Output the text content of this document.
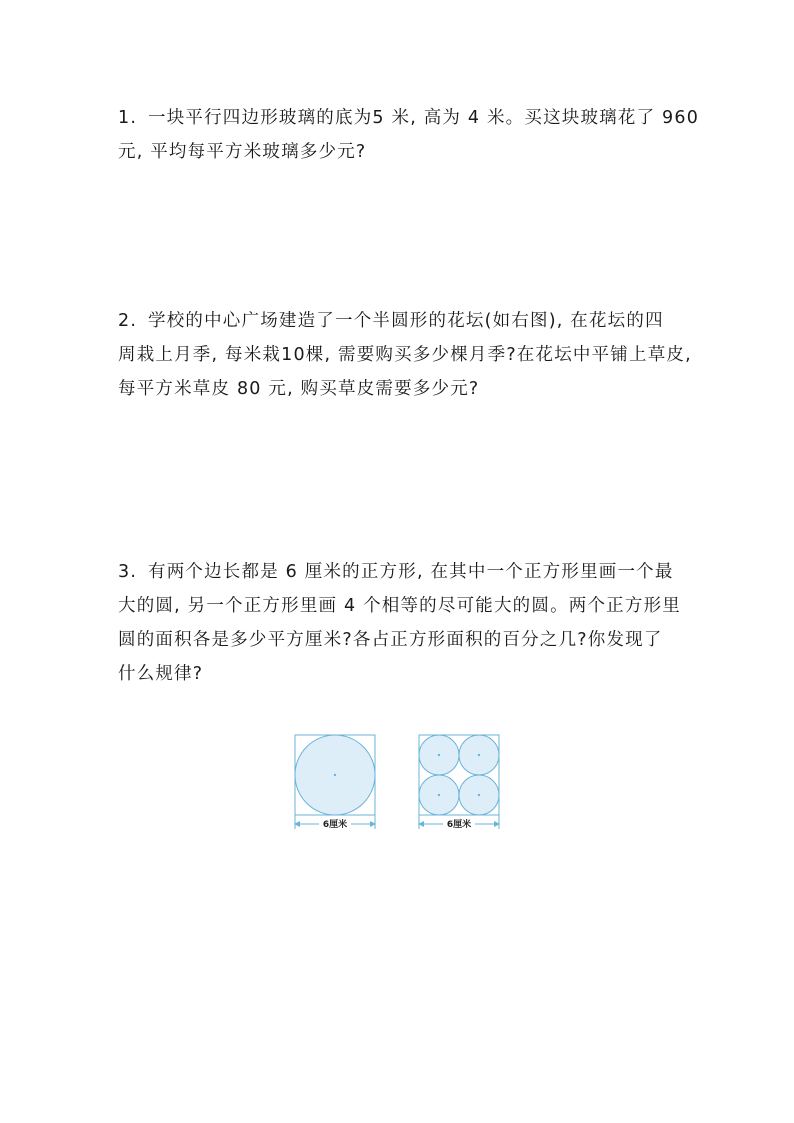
1. 一块平行四边形玻璃的底为5 米, 高为 4 米。买这块玻璃花了 960
元, 平均每平方米玻璃多少元?
2. 学校的中心广场建造了一个半圆形的花坛(如右图), 在花坛的四
周栽上月季, 每米栽10棵, 需要购买多少棵月季?在花坛中平铺上草皮,
每平方米草皮 80 元, 购买草皮需要多少元?
3. 有两个边长都是 6 厘米的正方形, 在其中一个正方形里画一个最
大的圆, 另一个正方形里画 4 个相等的尽可能大的圆。两个正方形里
圆的面积各是多少平方厘米?各占正方形面积的百分之几?你发现了
什么规律?
6厘米	6厘米
